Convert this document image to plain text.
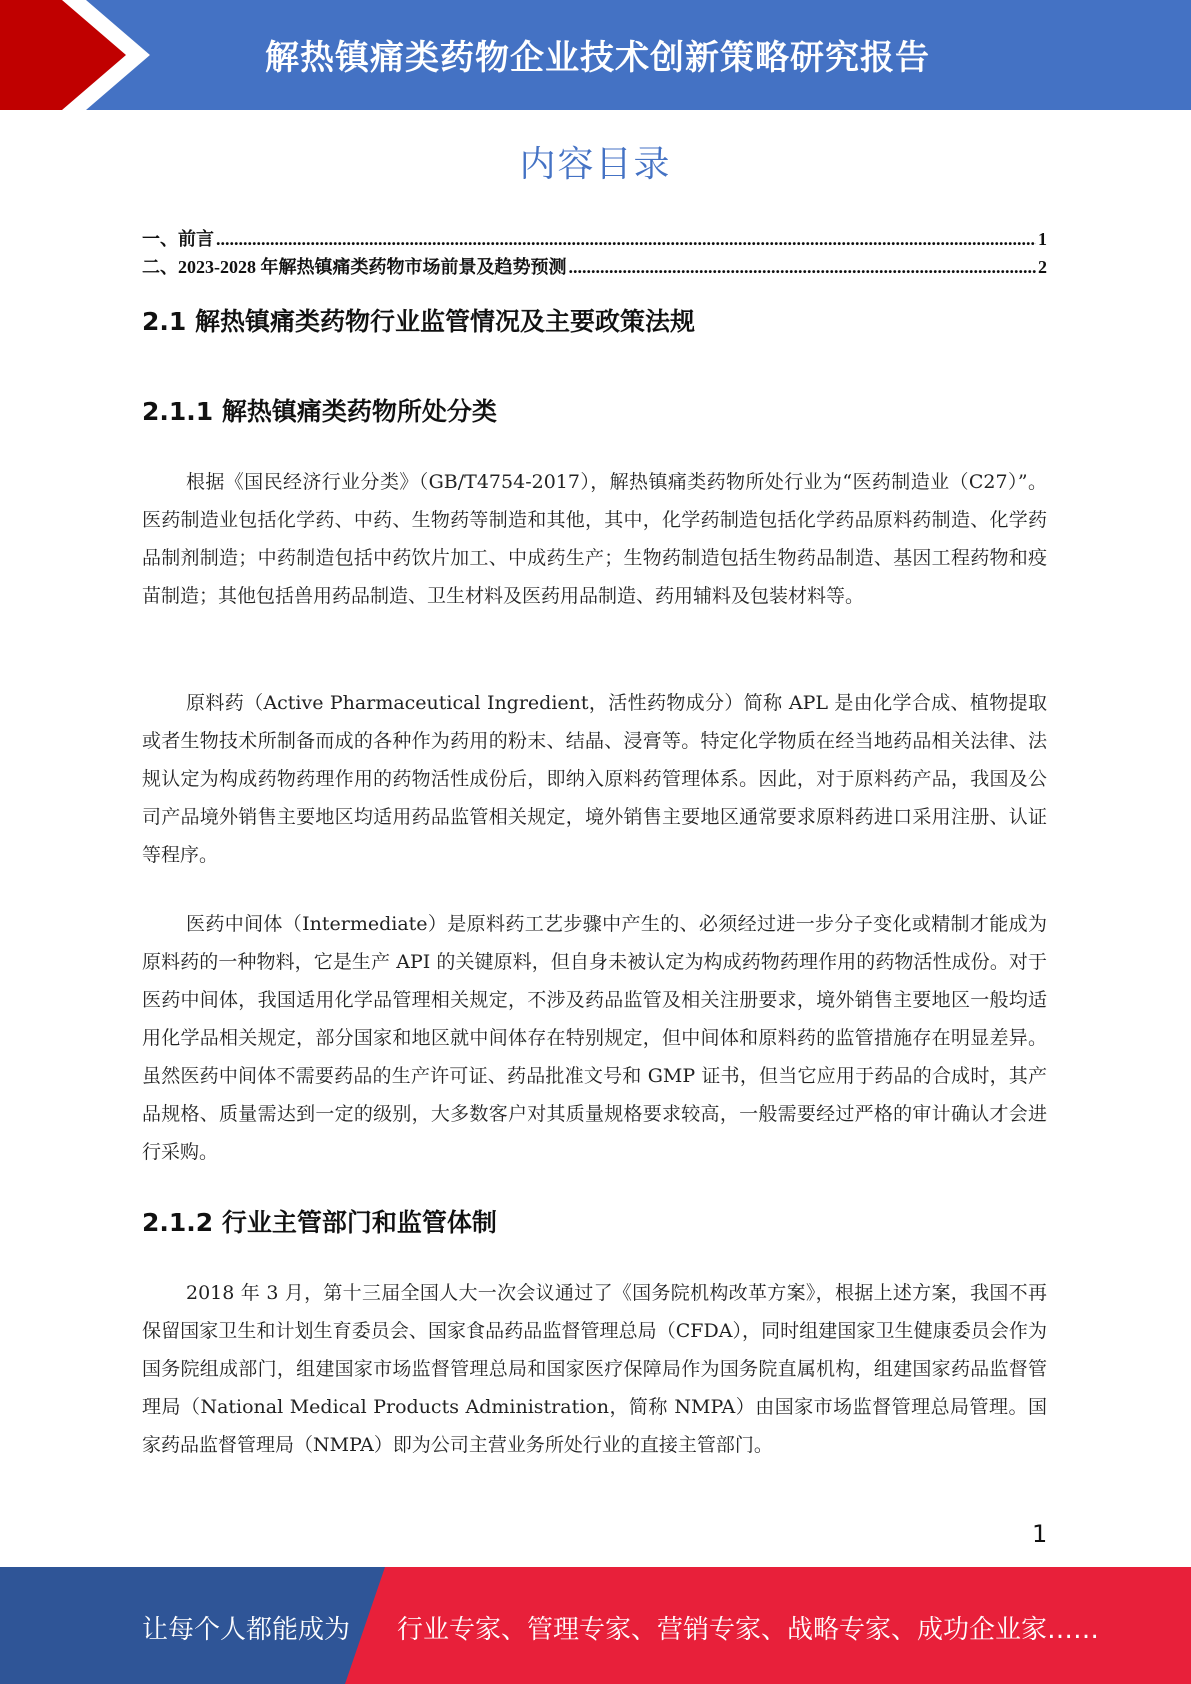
解热镇痛类药物企业技术创新策略研究报告
内容目录
一、前言 .....	1
二、2023-2028 年解热镇痛类药物市场前景及趋势预测 .....	2
2.1 解热镇痛类药物行业监管情况及主要政策法规
2.1.1 解热镇痛类药物所处分类

根据《国民经济行业分类》（GB/T4754-2017），解热镇痛类药物所处行业为“医药制造业（C27）”。医药制造业包括化学药、中药、生物药等制造和其他，其中，化学药制造包括化学药品原料药制造、化学药品制剂制造；中药制造包括中药饮片加工、中成药生产；生物药制造包括生物药品制造、基因工程药物和疫苗制造；其他包括兽用药品制造、卫生材料及医药用品制造、药用辅料及包装材料等。

原料药（Active Pharmaceutical Ingredient，活性药物成分）简称 APL 是由化学合成、植物提取或者生物技术所制备而成的各种作为药用的粉末、结晶、浸膏等。特定化学物质在经当地药品相关法律、法规认定为构成药物药理作用的药物活性成份后，即纳入原料药管理体系。因此，对于原料药产品，我国及公司产品境外销售主要地区均适用药品监管相关规定，境外销售主要地区通常要求原料药进口采用注册、认证等程序。

医药中间体（Intermediate）是原料药工艺步骤中产生的、必须经过进一步分子变化或精制才能成为原料药的一种物料，它是生产 API 的关键原料，但自身未被认定为构成药物药理作用的药物活性成份。对于医药中间体，我国适用化学品管理相关规定，不涉及药品监管及相关注册要求，境外销售主要地区一般均适用化学品相关规定，部分国家和地区就中间体存在特别规定，但中间体和原料药的监管措施存在明显差异。虽然医药中间体不需要药品的生产许可证、药品批准文号和 GMP 证书，但当它应用于药品的合成时，其产品规格、质量需达到一定的级别，大多数客户对其质量规格要求较高，一般需要经过严格的审计确认才会进行采购。

2.1.2 行业主管部门和监管体制

2018 年 3 月，第十三届全国人大一次会议通过了《国务院机构改革方案》，根据上述方案，我国不再保留国家卫生和计划生育委员会、国家食品药品监督管理总局（CFDA），同时组建国家卫生健康委员会作为国务院组成部门，组建国家市场监督管理总局和国家医疗保障局作为国务院直属机构，组建国家药品监督管理局（National Medical Products Administration，简称 NMPA）由国家市场监督管理总局管理。国家药品监督管理局（NMPA）即为公司主营业务所处行业的直接主管部门。

1
让每个人都能成为 行业专家、管理专家、营销专家、战略专家、成功企业家……
